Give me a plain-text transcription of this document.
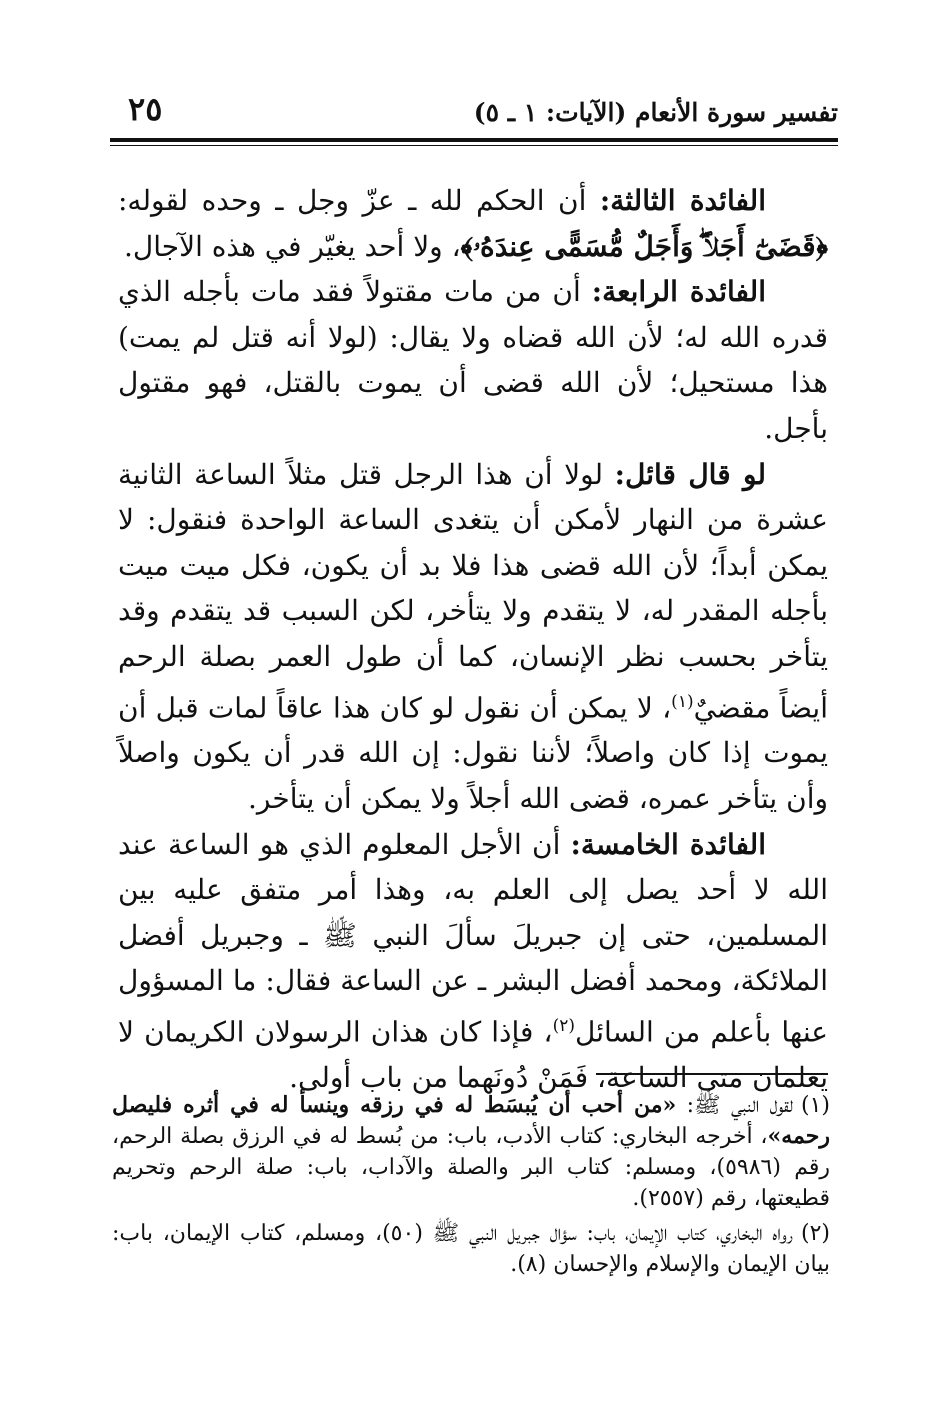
تفسير سورة الأنعام (الآيات: ١ ـ ٥)
٢٥

الفائدة الثالثة: أن الحكم لله ـ عزّ وجل ـ وحده لقوله: ﴿قَضَىٰٓ أَجَلاًۖ وَأَجَلٌ مُّسَمًّى عِندَهُۥ﴾، ولا أحد يغيّر في هذه الآجال.

الفائدة الرابعة: أن من مات مقتولاً فقد مات بأجله الذي قدره الله له؛ لأن الله قضاه ولا يقال: (لولا أنه قتل لم يمت) هذا مستحيل؛ لأن الله قضى أن يموت بالقتل، فهو مقتول بأجل.

لو قال قائل: لولا أن هذا الرجل قتل مثلاً الساعة الثانية عشرة من النهار لأمكن أن يتغدى الساعة الواحدة فنقول: لا يمكن أبداً؛ لأن الله قضى هذا فلا بد أن يكون، فكل ميت ميت بأجله المقدر له، لا يتقدم ولا يتأخر، لكن السبب قد يتقدم وقد يتأخر بحسب نظر الإنسان، كما أن طول العمر بصلة الرحم أيضاً مقضيٌ$^{(١)}$، لا يمكن أن نقول لو كان هذا عاقاً لمات قبل أن يموت إذا كان واصلاً؛ لأننا نقول: إن الله قدر أن يكون واصلاً وأن يتأخر عمره، قضى الله أجلاً ولا يمكن أن يتأخر.

الفائدة الخامسة: أن الأجل المعلوم الذي هو الساعة عند الله لا أحد يصل إلى العلم به، وهذا أمر متفق عليه بين المسلمين، حتى إن جبريلَ سألَ النبي ﷺ ـ وجبريل أفضل الملائكة، ومحمد أفضل البشر ـ عن الساعة فقال: ما المسؤول عنها بأعلم من السائل$^{(٢)}$، فإذا كان هذان الرسولان الكريمان لا يعلمان متى الساعة، فَمَنْ دُونَهما من باب أولى.

(١)لقول النبي ﷺ: «من أحب أن يُبسَط له في رزقه وينسأ له في أثره فليصل رحمه»، أخرجه البخاري: كتاب الأدب، باب: من بُسط له في الرزق بصلة الرحم، رقم (٥٩٨٦)، ومسلم: كتاب البر والصلة والآداب، باب: صلة الرحم وتحريم قطيعتها، رقم (٢٥٥٧).

(٢)رواه البخاري، كتاب الإيمان، باب: سؤال جبريل النبي ﷺ (٥٠)، ومسلم، كتاب الإيمان، باب: بيان الإيمان والإسلام والإحسان (٨).
